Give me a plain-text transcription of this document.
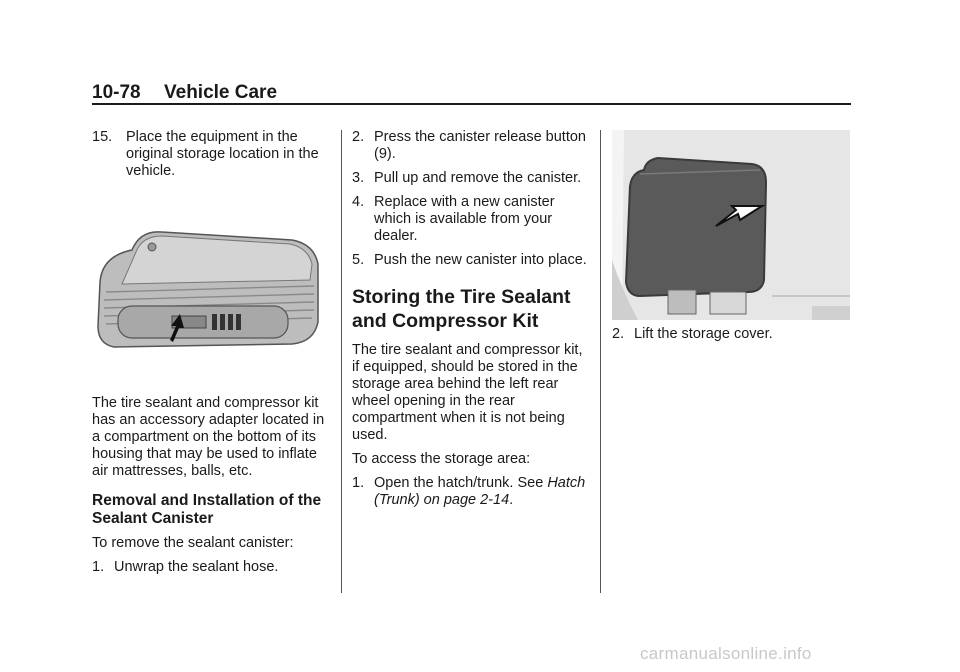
10-78 Vehicle Care
15. Place the equipment in the original storage location in the vehicle.

The tire sealant and compressor kit has an accessory adapter located in a compartment on the bottom of its housing that may be used to inflate air mattresses, balls, etc.

Removal and Installation of the Sealant Canister

To remove the sealant canister:

1. Unwrap the sealant hose.
2. Press the canister release button (9).
3. Pull up and remove the canister.
4. Replace with a new canister which is available from your dealer.
5. Push the new canister into place.
Storing the Tire Sealant and Compressor Kit

The tire sealant and compressor kit, if equipped, should be stored in the storage area behind the left rear wheel opening in the rear compartment when it is not being used.

To access the storage area:

1. Open the hatch/trunk. See Hatch (Trunk) on page 2-14.
2. Lift the storage cover.
carmanualsonline.info
